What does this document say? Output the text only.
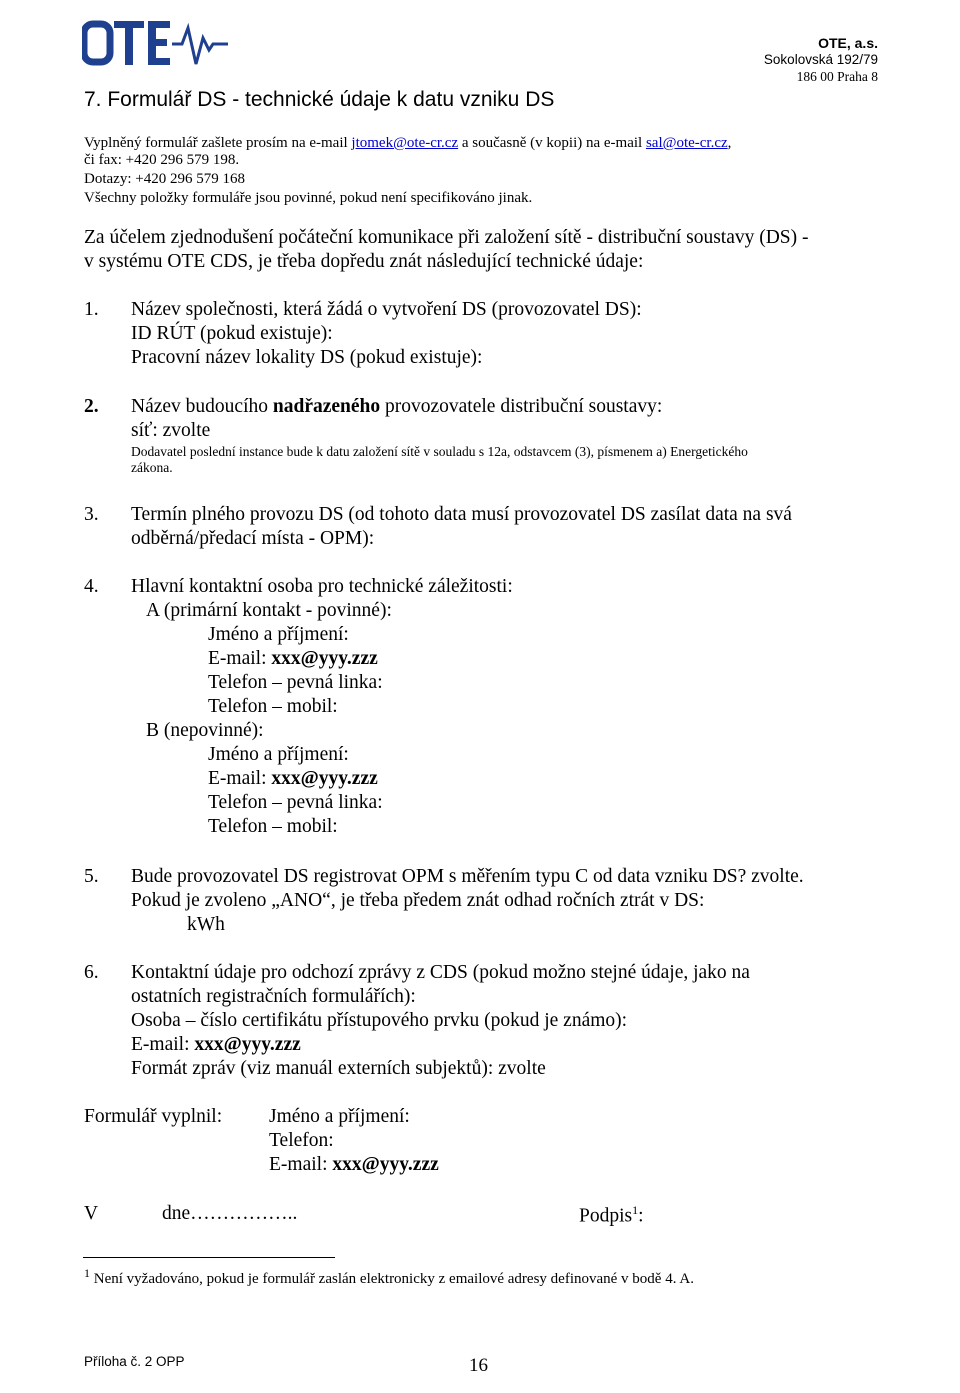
OTE, a.s.
Sokolovská 192/79
186 00 Praha 8
7. Formulář DS - technické údaje k datu vzniku DS
Vyplněný formulář zašlete prosím na e-mail jtomek@ote-cr.cz a současně (v kopii) na e-mail sal@ote-cr.cz,
či fax: +420 296 579 198.
Dotazy: +420 296 579 168
Všechny položky formuláře jsou povinné, pokud není specifikováno jinak.
Za účelem zjednodušení počáteční komunikace při založení sítě - distribuční soustavy (DS) -
v systému OTE CDS, je třeba dopředu znát následující technické údaje:
1. Název společnosti, která žádá o vytvoření DS (provozovatel DS):
ID RÚT (pokud existuje):
Pracovní název lokality DS (pokud existuje):
2. Název budoucího nadřazeného provozovatele distribuční soustavy:
síť: zvolte
Dodavatel poslední instance bude k datu založení sítě v souladu s 12a, odstavcem (3), písmenem a) Energetického
zákona.
3. Termín plného provozu DS (od tohoto data musí provozovatel DS zasílat data na svá
odběrná/předací místa - OPM):
4. Hlavní kontaktní osoba pro technické záležitosti:
A (primární kontakt - povinné):
Jméno a příjmení:
E-mail: xxx@yyy.zzz
Telefon – pevná linka:
Telefon – mobil:
B (nepovinné):
Jméno a příjmení:
E-mail: xxx@yyy.zzz
Telefon – pevná linka:
Telefon – mobil:
5. Bude provozovatel DS registrovat OPM s měřením typu C od data vzniku DS? zvolte.
Pokud je zvoleno „ANO“, je třeba předem znát odhad ročních ztrát v DS:
kWh
6. Kontaktní údaje pro odchozí zprávy z CDS (pokud možno stejné údaje, jako na
ostatních registračních formulářích):
Osoba – číslo certifikátu přístupového prvku (pokud je známo):
E-mail: xxx@yyy.zzz
Formát zpráv (viz manuál externích subjektů): zvolte
Formulář vyplnil: Jméno a příjmení:
Telefon:
E-mail: xxx@yyy.zzz
V	dne……………..	Podpis$^1$:
$^1$ Není vyžadováno, pokud je formulář zaslán elektronicky z emailové adresy definované v bodě 4. A.
Příloha č. 2 OPP	16
